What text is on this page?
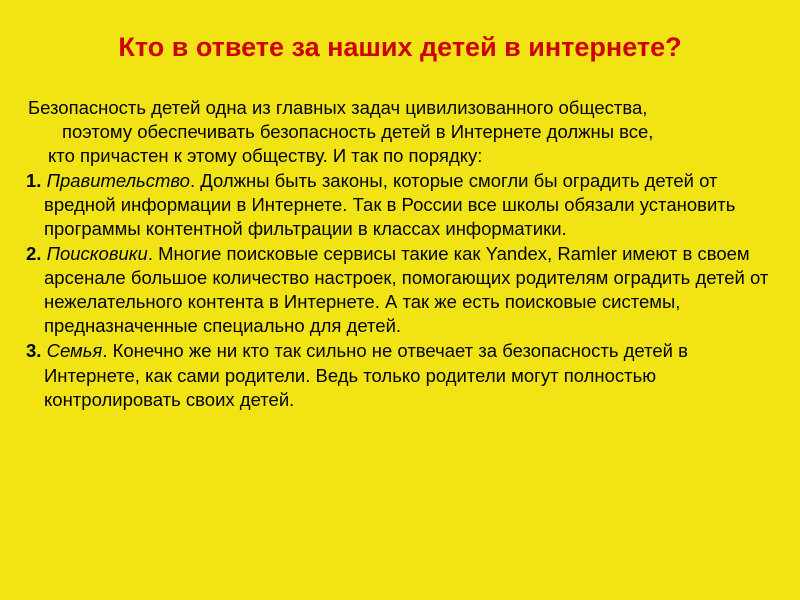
Кто в ответе за наших детей в интернете?

Безопасность детей одна из главных задач цивилизованного общества,
поэтому обеспечивать безопасность детей в Интернете должны все,
кто причастен к этому обществу. И так по порядку:

1. Правительство. Должны быть законы, которые смогли бы оградить детей от вредной информации в Интернете. Так в России все школы обязали установить программы контентной фильтрации в классах информатики.

2. Поисковики. Многие поисковые сервисы такие как Yandex, Ramler имеют в своем арсенале большое количество настроек, помогающих родителям оградить детей от нежелательного контента в Интернете. А так же есть поисковые системы, предназначенные специально для детей.

3. Семья. Конечно же ни кто так сильно не отвечает за безопасность детей в Интернете, как сами родители. Ведь только родители могут полностью контролировать своих детей.
